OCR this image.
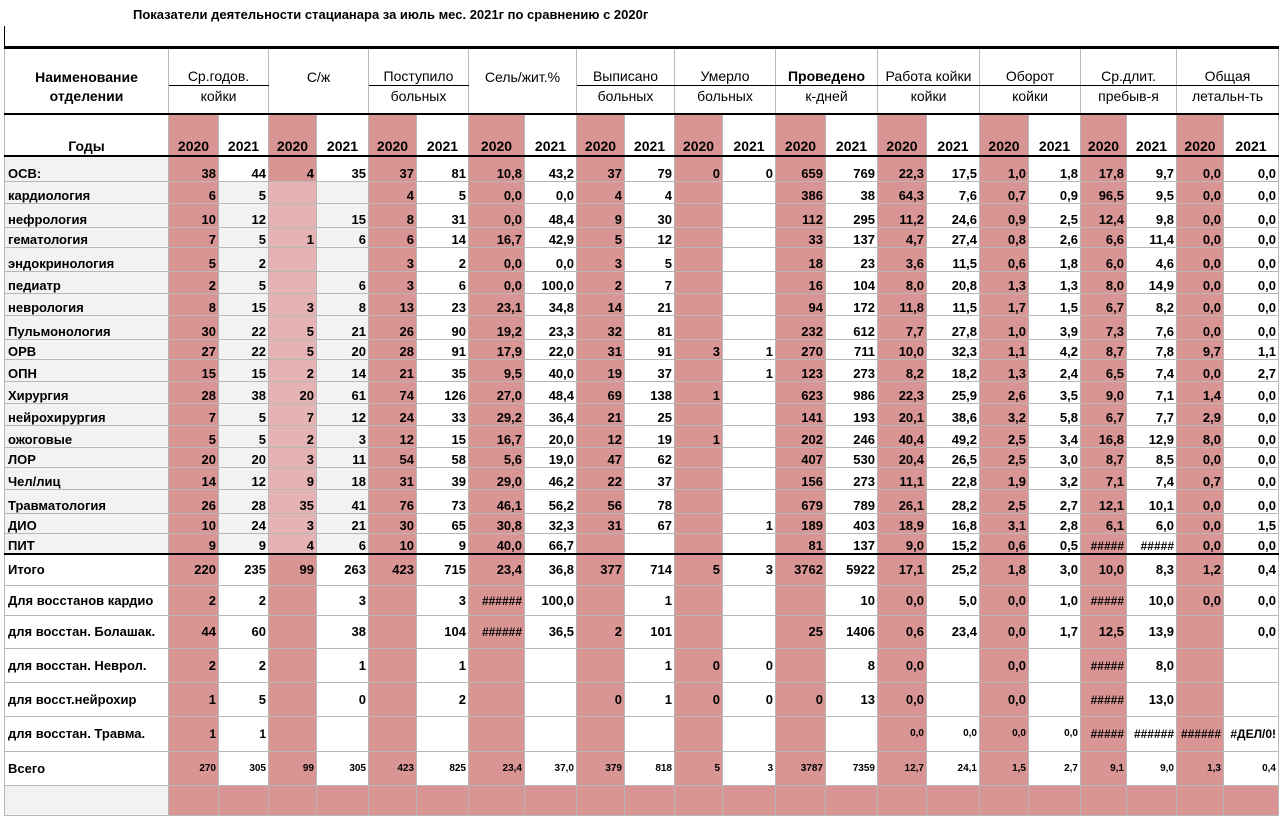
Показатели деятельности стацианара за июль мес. 2021г по сравнению с 2020г
Наименование	Ср.годов.		С/ж		Поступило		Сель/жит.%		Выписано		Умерло		Проведено		Работа койки		Оборот		Ср.длит.		Общая	
отделении	койки				больных				больных		больных		к-дней		койки		койки		пребыв-я		летальн-ть	
Годы	2020	2021	2020	2021	2020	2021	2020	2021	2020	2021	2020	2021	2020	2021	2020	2021	2020	2021	2020	2021	2020	2021
ОСВ:	38	44	4	35	37	81	10,8	43,2	37	79	0	0	659	769	22,3	17,5	1,0	1,8	17,8	9,7	0,0	0,0
кардиология	6	5			4	5	0,0	0,0	4	4			386	38	64,3	7,6	0,7	0,9	96,5	9,5	0,0	0,0
нефрология	10	12		15	8	31	0,0	48,4	9	30			112	295	11,2	24,6	0,9	2,5	12,4	9,8	0,0	0,0
гематология	7	5	1	6	6	14	16,7	42,9	5	12			33	137	4,7	27,4	0,8	2,6	6,6	11,4	0,0	0,0
эндокринология	5	2			3	2	0,0	0,0	3	5			18	23	3,6	11,5	0,6	1,8	6,0	4,6	0,0	0,0
педиатр	2	5		6	3	6	0,0	100,0	2	7			16	104	8,0	20,8	1,3	1,3	8,0	14,9	0,0	0,0
неврология	8	15	3	8	13	23	23,1	34,8	14	21			94	172	11,8	11,5	1,7	1,5	6,7	8,2	0,0	0,0
Пульмонология	30	22	5	21	26	90	19,2	23,3	32	81			232	612	7,7	27,8	1,0	3,9	7,3	7,6	0,0	0,0
ОРВ	27	22	5	20	28	91	17,9	22,0	31	91	3	1	270	711	10,0	32,3	1,1	4,2	8,7	7,8	9,7	1,1
ОПН	15	15	2	14	21	35	9,5	40,0	19	37		1	123	273	8,2	18,2	1,3	2,4	6,5	7,4	0,0	2,7
Хирургия	28	38	20	61	74	126	27,0	48,4	69	138	1		623	986	22,3	25,9	2,6	3,5	9,0	7,1	1,4	0,0
нейрохирургия	7	5	7	12	24	33	29,2	36,4	21	25			141	193	20,1	38,6	3,2	5,8	6,7	7,7	2,9	0,0
ожоговые	5	5	2	3	12	15	16,7	20,0	12	19	1		202	246	40,4	49,2	2,5	3,4	16,8	12,9	8,0	0,0
ЛОР	20	20	3	11	54	58	5,6	19,0	47	62			407	530	20,4	26,5	2,5	3,0	8,7	8,5	0,0	0,0
Чел/лиц	14	12	9	18	31	39	29,0	46,2	22	37			156	273	11,1	22,8	1,9	3,2	7,1	7,4	0,7	0,0
Травматология	26	28	35	41	76	73	46,1	56,2	56	78			679	789	26,1	28,2	2,5	2,7	12,1	10,1	0,0	0,0
ДИО	10	24	3	21	30	65	30,8	32,3	31	67		1	189	403	18,9	16,8	3,1	2,8	6,1	6,0	0,0	1,5
ПИТ	9	9	4	6	10	9	40,0	66,7					81	137	9,0	15,2	0,6	0,5	#####	#####	0,0	0,0
Итого	220	235	99	263	423	715	23,4	36,8	377	714	5	3	3762	5922	17,1	25,2	1,8	3,0	10,0	8,3	1,2	0,4
Для восстанов кардио	2	2		3		3	######	100,0		1				10	0,0	5,0	0,0	1,0	#####	10,0	0,0	0,0
для восстан. Болашак.	44	60		38		104	######	36,5	2	101			25	1406	0,6	23,4	0,0	1,7	12,5	13,9		0,0
для восстан. Неврол.	2	2		1		1				1	0	0		8	0,0		0,0		#####	8,0		
для восст.нейрохир	1	5		0		2			0	1	0	0	0	13	0,0		0,0		#####	13,0		
для восстан. Травма.	1	1													0,0	0,0	0,0	0,0	#####	######	######	#ДЕЛ/0!
Всего	270	305	99	305	423	825	23,4	37,0	379	818	5	3	3787	7359	12,7	24,1	1,5	2,7	9,1	9,0	1,3	0,4
